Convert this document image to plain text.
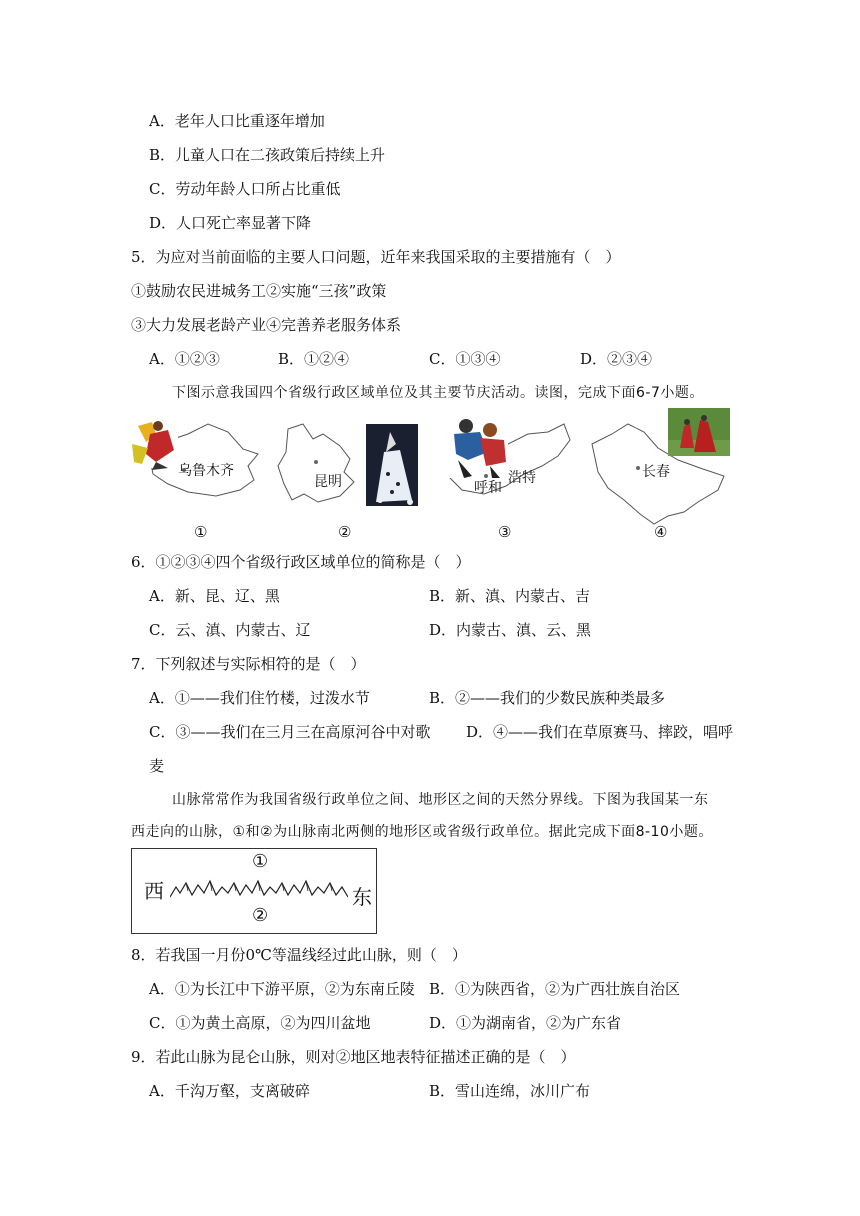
A．老年人口比重逐年增加
B．儿童人口在二孩政策后持续上升
C．劳动年龄人口所占比重低
D．人口死亡率显著下降
5．为应对当前面临的主要人口问题，近年来我国采取的主要措施有（　）
①鼓励农民进城务工②实施“三孩”政策
③大力发展老龄产业④完善养老服务体系
A．①②③	B．①②④	C．①③④	D．②③④
下图示意我国四个省级行政区域单位及其主要节庆活动。读图，完成下面6-7小题。
乌鲁木齐
昆明	呼和
浩特	长春
①	②	③	④
6．①②③④四个省级行政区域单位的简称是（　）
A．新、昆、辽、黑	B．新、滇、内蒙古、吉
C．云、滇、内蒙古、辽	D．内蒙古、滇、云、黑
7．下列叙述与实际相符的是（　）
A．①——我们住竹楼，过泼水节	B．②——我们的少数民族种类最多
C．③——我们在三月三在高原河谷中对歌 D．④——我们在草原赛马、摔跤，唱呼
麦
山脉常常作为我国省级行政单位之间、地形区之间的天然分界线。下图为我国某一东
西走向的山脉，①和②为山脉南北两侧的地形区或省级行政单位。据此完成下面8-10小题。
①
西	东
②
8．若我国一月份0℃等温线经过此山脉，则（　）
A．①为长江中下游平原，②为东南丘陵 B．①为陕西省，②为广西壮族自治区
C．①为黄土高原，②为四川盆地	D．①为湖南省，②为广东省
9．若此山脉为昆仑山脉，则对②地区地表特征描述正确的是（　）
A．千沟万壑，支离破碎	B．雪山连绵，冰川广布
